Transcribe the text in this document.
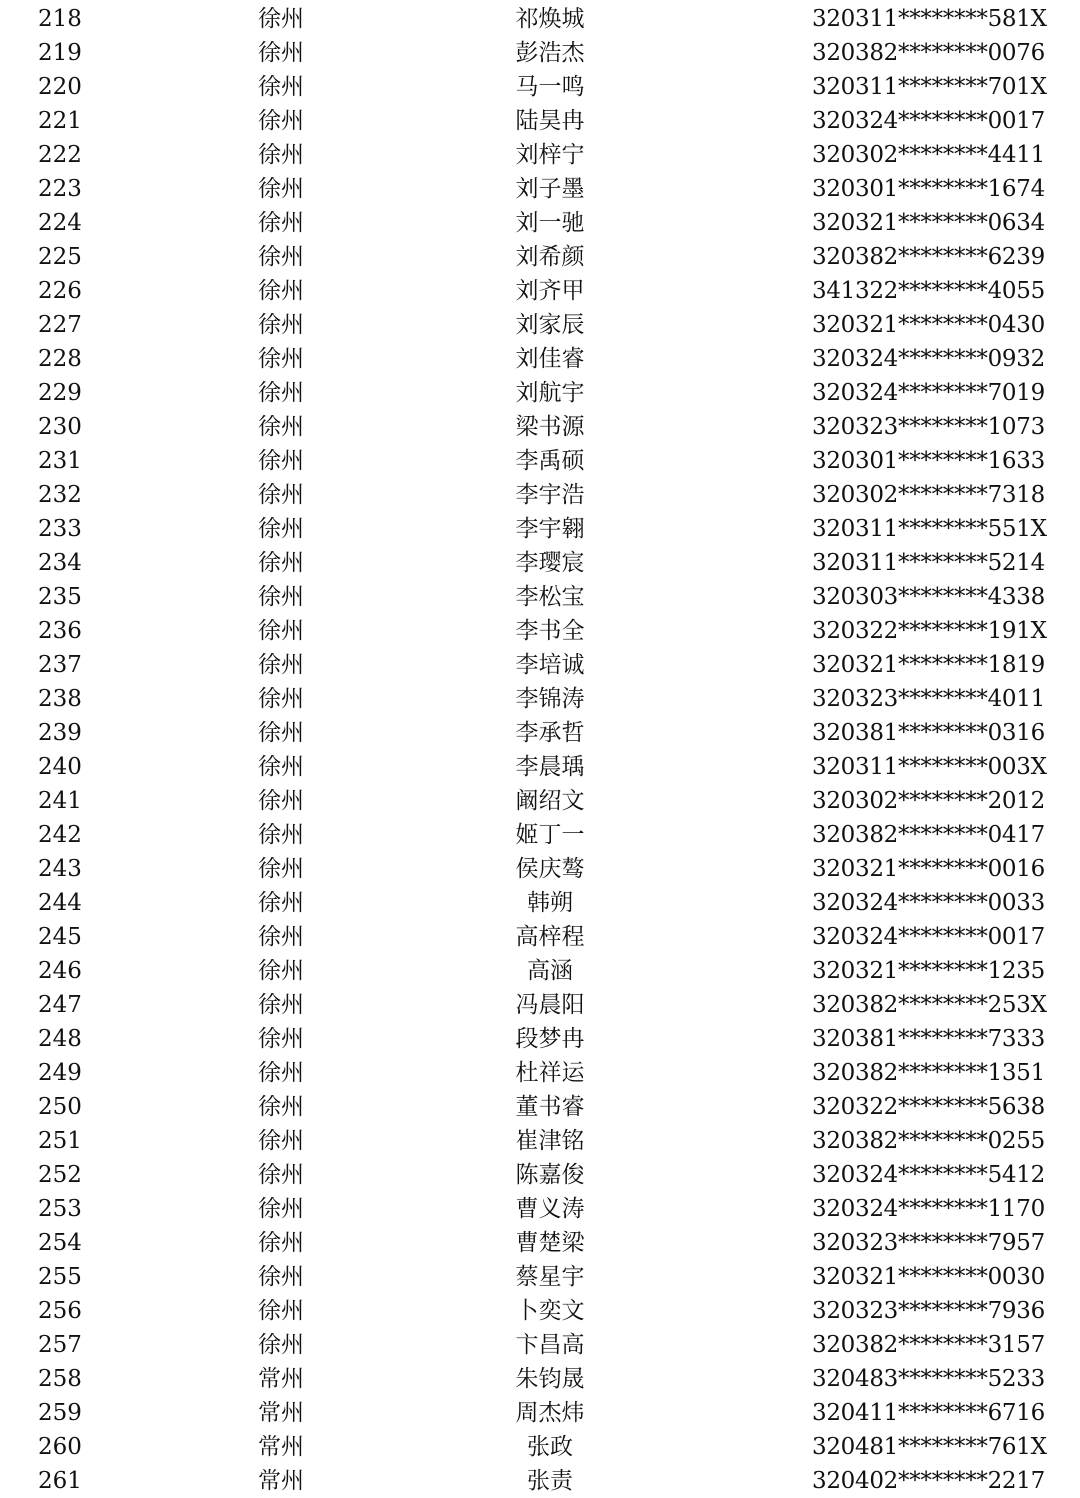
218	徐州	祁焕城	320311********581X
219	徐州	彭浩杰	320382********0076
220	徐州	马一鸣	320311********701X
221	徐州	陆昊冉	320324********0017
222	徐州	刘梓宁	320302********4411
223	徐州	刘子墨	320301********1674
224	徐州	刘一驰	320321********0634
225	徐州	刘希颜	320382********6239
226	徐州	刘齐甲	341322********4055
227	徐州	刘家辰	320321********0430
228	徐州	刘佳睿	320324********0932
229	徐州	刘航宇	320324********7019
230	徐州	梁书源	320323********1073
231	徐州	李禹硕	320301********1633
232	徐州	李宇浩	320302********7318
233	徐州	李宇翱	320311********551X
234	徐州	李璎宸	320311********5214
235	徐州	李松宝	320303********4338
236	徐州	李书全	320322********191X
237	徐州	李培诚	320321********1819
238	徐州	李锦涛	320323********4011
239	徐州	李承哲	320381********0316
240	徐州	李晨瑀	320311********003X
241	徐州	阚绍文	320302********2012
242	徐州	姬丁一	320382********0417
243	徐州	侯庆骜	320321********0016
244	徐州	韩朔	320324********0033
245	徐州	高梓程	320324********0017
246	徐州	高涵	320321********1235
247	徐州	冯晨阳	320382********253X
248	徐州	段梦冉	320381********7333
249	徐州	杜祥运	320382********1351
250	徐州	董书睿	320322********5638
251	徐州	崔津铭	320382********0255
252	徐州	陈嘉俊	320324********5412
253	徐州	曹义涛	320324********1170
254	徐州	曹楚梁	320323********7957
255	徐州	蔡星宇	320321********0030
256	徐州	卜奕文	320323********7936
257	徐州	卞昌高	320382********3157
258	常州	朱钧晟	320483********5233
259	常州	周杰炜	320411********6716
260	常州	张政	320481********761X
261	常州	张责	320402********2217
